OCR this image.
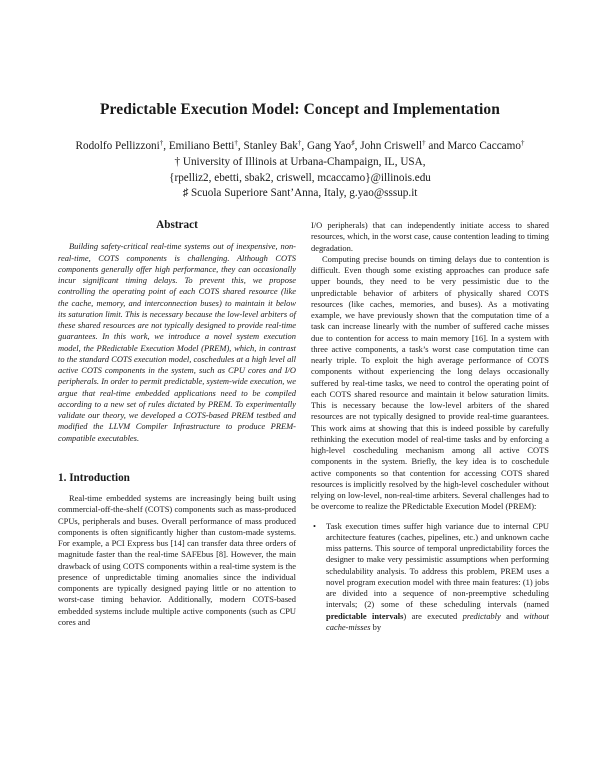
Predictable Execution Model: Concept and Implementation
Rodolfo Pellizzoni†, Emiliano Betti†, Stanley Bak†, Gang Yao♯, John Criswell† and Marco Caccamo†
† University of Illinois at Urbana-Champaign, IL, USA,
{rpelliz2, ebetti, sbak2, criswell, mcaccamo}@illinois.edu
♯ Scuola Superiore Sant’Anna, Italy, g.yao@sssup.it
Abstract

Building safety-critical real-time systems out of inexpensive, non-real-time, COTS components is challenging. Although COTS components generally offer high performance, they can occasionally incur significant timing delays. To prevent this, we propose controlling the operating point of each COTS shared resource (like the cache, memory, and interconnection buses) to maintain it below its saturation limit. This is necessary because the low-level arbiters of these shared resources are not typically designed to provide real-time guarantees. In this work, we introduce a novel system execution model, the PRedictable Execution Model (PREM), which, in contrast to the standard COTS execution model, coschedules at a high level all active COTS components in the system, such as CPU cores and I/O peripherals. In order to permit predictable, system-wide execution, we argue that real-time embedded applications need to be compiled according to a new set of rules dictated by PREM. To experimentally validate our theory, we developed a COTS-based PREM testbed and modified the LLVM Compiler Infrastructure to produce PREM-compatible executables.

1. Introduction

Real-time embedded systems are increasingly being built using commercial-off-the-shelf (COTS) components such as mass-produced CPUs, peripherals and buses. Overall performance of mass produced components is often significantly higher than custom-made systems. For example, a PCI Express bus [14] can transfer data three orders of magnitude faster than the real-time SAFEbus [8]. However, the main drawback of using COTS components within a real-time system is the presence of unpredictable timing anomalies since the individual components are typically designed paying little or no attention to worst-case timing behavior. Additionally, modern COTS-based embedded systems include multiple active components (such as CPU cores and

I/O peripherals) that can independently initiate access to shared resources, which, in the worst case, cause contention leading to timing degradation.

Computing precise bounds on timing delays due to contention is difficult. Even though some existing approaches can produce safe upper bounds, they need to be very pessimistic due to the unpredictable behavior of arbiters of physically shared COTS resources (like caches, memories, and buses). As a motivating example, we have previously shown that the computation time of a task can increase linearly with the number of suffered cache misses due to contention for access to main memory [16]. In a system with three active components, a task’s worst case computation time can nearly triple. To exploit the high average performance of COTS components without experiencing the long delays occasionally suffered by real-time tasks, we need to control the operating point of each COTS shared resource and maintain it below saturation limits. This is necessary because the low-level arbiters of the shared resources are not typically designed to provide real-time guarantees. This work aims at showing that this is indeed possible by carefully rethinking the execution model of real-time tasks and by enforcing a high-level coscheduling mechanism among all active COTS components in the system. Briefly, the key idea is to coschedule active components so that contention for accessing COTS shared resources is implicitly resolved by the high-level coscheduler without relying on low-level, non-real-time arbiters. Several challenges had to be overcome to realize the PRedictable Execution Model (PREM):

• Task execution times suffer high variance due to internal CPU architecture features (caches, pipelines, etc.) and unknown cache miss patterns. This source of temporal unpredictability forces the designer to make very pessimistic assumptions when performing schedulability analysis. To address this problem, PREM uses a novel program execution model with three main features: (1) jobs are divided into a sequence of non-preemptive scheduling intervals; (2) some of these scheduling intervals (named predictable intervals) are executed predictably and without cache-misses by
